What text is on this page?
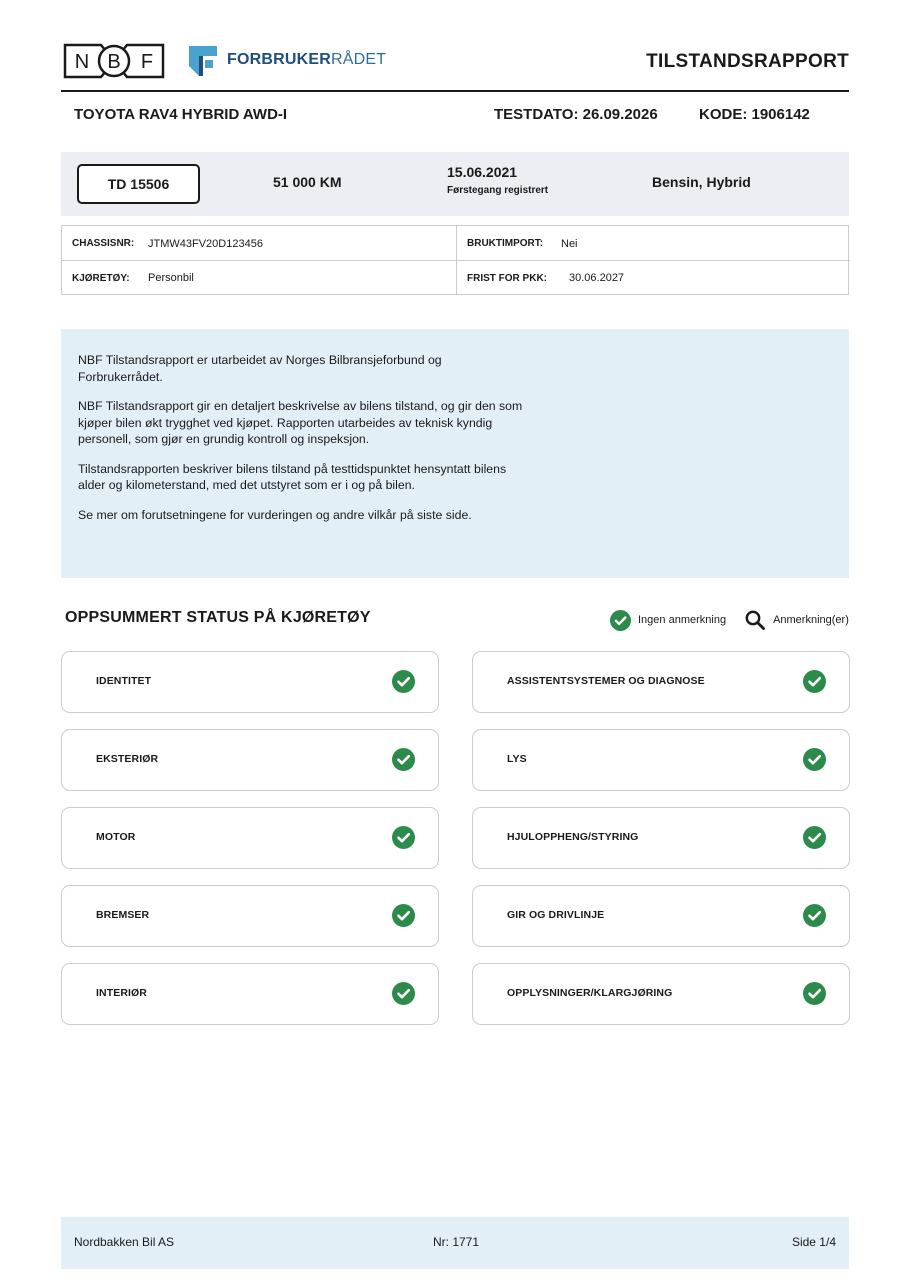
N B F	FORBRUKERRÅDET	TILSTANDSRAPPORT
TOYOTA RAV4 HYBRID AWD-I	TESTDATO: 26.09.2026	KODE: 1906142
TD 15506	51 000 KM
15.06.2021
Førstegang registrert
Bensin, Hybrid
CHASSISNR: JTMW43FV20D123456	BRUKTIMPORT: Nei
KJØRETØY: Personbil	FRIST FOR PKK: 30.06.2027

NBF Tilstandsrapport er utarbeidet av Norges Bilbransjeforbund og Forbrukerrådet.

NBF Tilstandsrapport gir en detaljert beskrivelse av bilens tilstand, og gir den som kjøper bilen økt trygghet ved kjøpet. Rapporten utarbeides av teknisk kyndig personell, som gjør en grundig kontroll og inspeksjon.

Tilstandsrapporten beskriver bilens tilstand på testtidspunktet hensyntatt bilens alder og kilometerstand, med det utstyret som er i og på bilen.

Se mer om forutsetningene for vurderingen og andre vilkår på siste side.

OPPSUMMERT STATUS PÅ KJØRETØY	Ingen anmerkning	Anmerkning(er)
IDENTITET
EKSTERIØR
MOTOR
BREMSER
INTERIØR
ASSISTENTSYSTEMER OG DIAGNOSE
LYS
HJULOPPHENG/STYRING
GIR OG DRIVLINJE
OPPLYSNINGER/KLARGJØRING
Nordbakken Bil AS	Nr: 1771	Side 1/4
